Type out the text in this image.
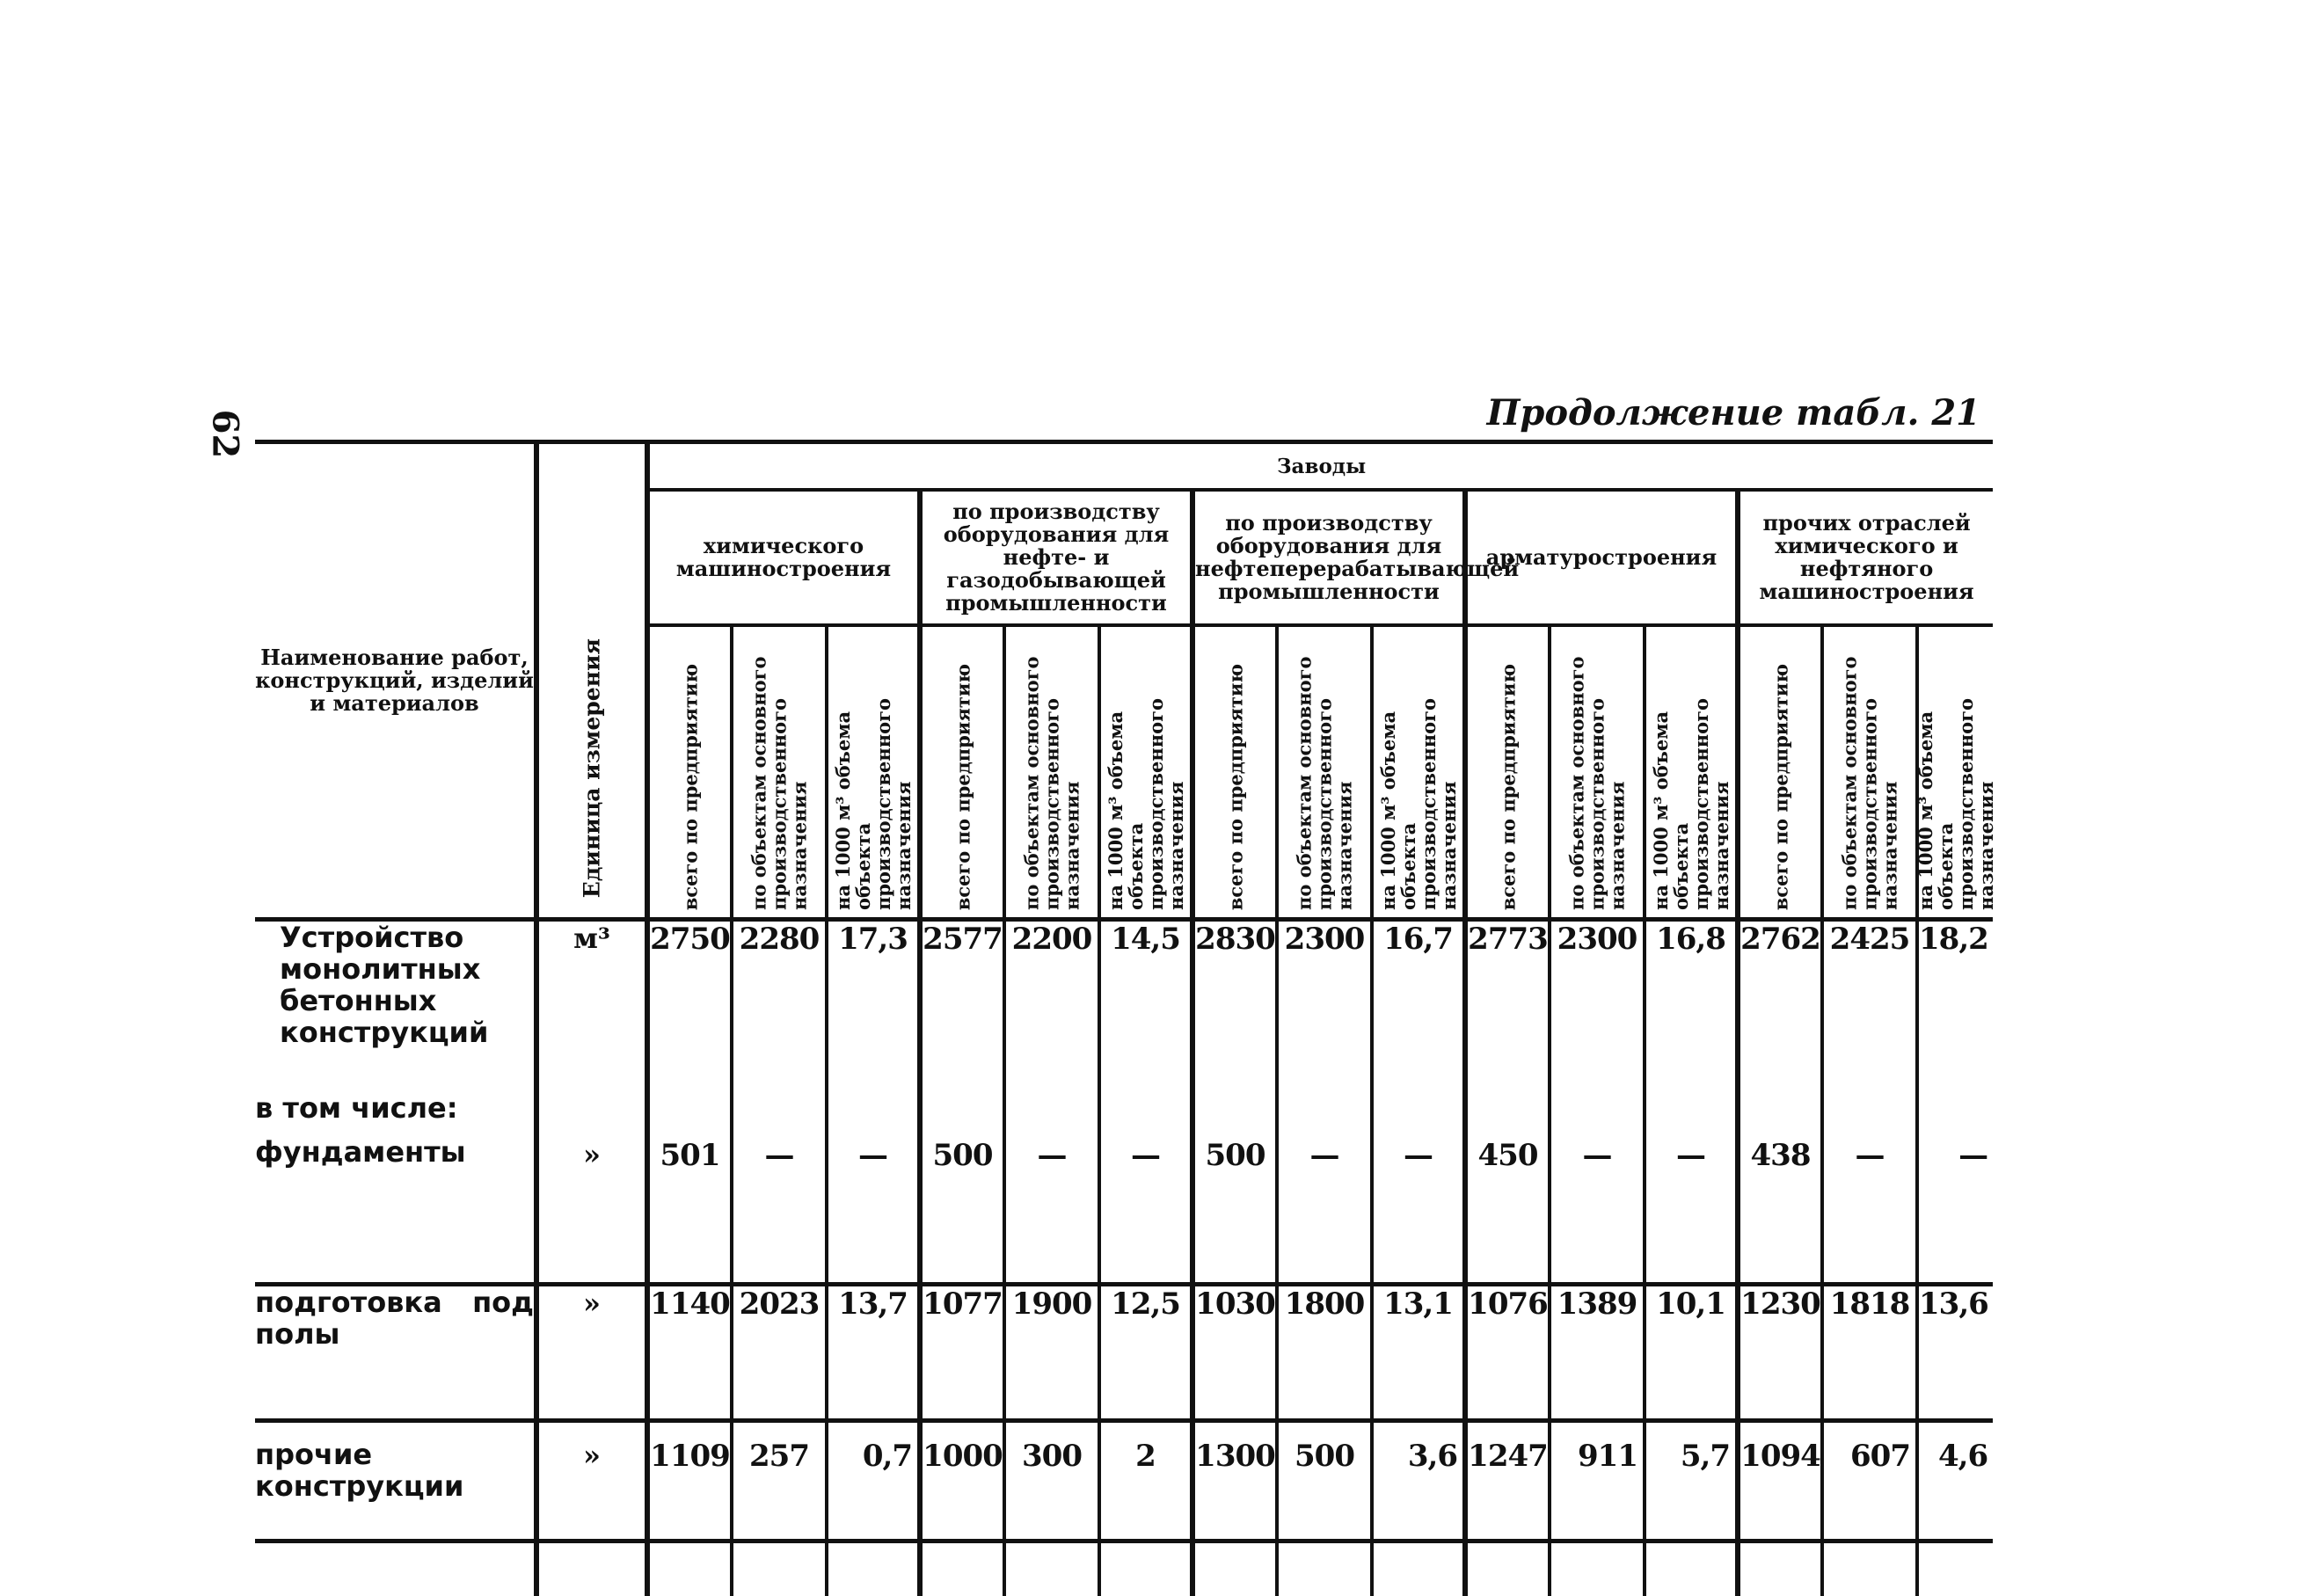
62	Продолжение табл. 21
Наименование работ, конструкций, изделий и материалов	Единица измерения	Заводы														
		химического машиностроения			по производству оборудования для нефте- и газодобывающей промышленности			по производству оборудования для нефтеперерабатывающей промышленности			арматуростроения			прочих отраслей химического и нефтяного машиностроения		

		всего по предприятию	по объектам основного производственного назначения	на 1000 м³ объема объекта производственного назначения	всего по предприятию	по объектам основного производственного назначения	на 1000 м³ объема объекта производственного назначения	всего по предприятию	по объектам основного производственного назначения	на 1000 м³ объема объекта производственного назначения	всего по предприятию	по объектам основного производственного назначения	на 1000 м³ объема объекта производственного назначения	всего по предприятию	по объектам основного производственного назначения	на 1000 м³ объема объекта производственного назначения

Устройство монолитных бетонных конструкций	м³	2750	2280	17,3	2577	2200	14,5	2830	2300	16,7	2773	2300	16,8	2762	2425	18,2

в том числе:
фундаменты	»	501	—	—	500	—	—	500	—	—	450	—	—	438	—	—
подготовка под полы	»	1140	2023	13,7	1077	1900	12,5	1030	1800	13,1	1076	1389	10,1	1230	1818	13,6
прочие конструкции	»	1109	257	0,7	1000	300	2	1300	500	3,6	1247	911	5,7	1094	607	4,6
